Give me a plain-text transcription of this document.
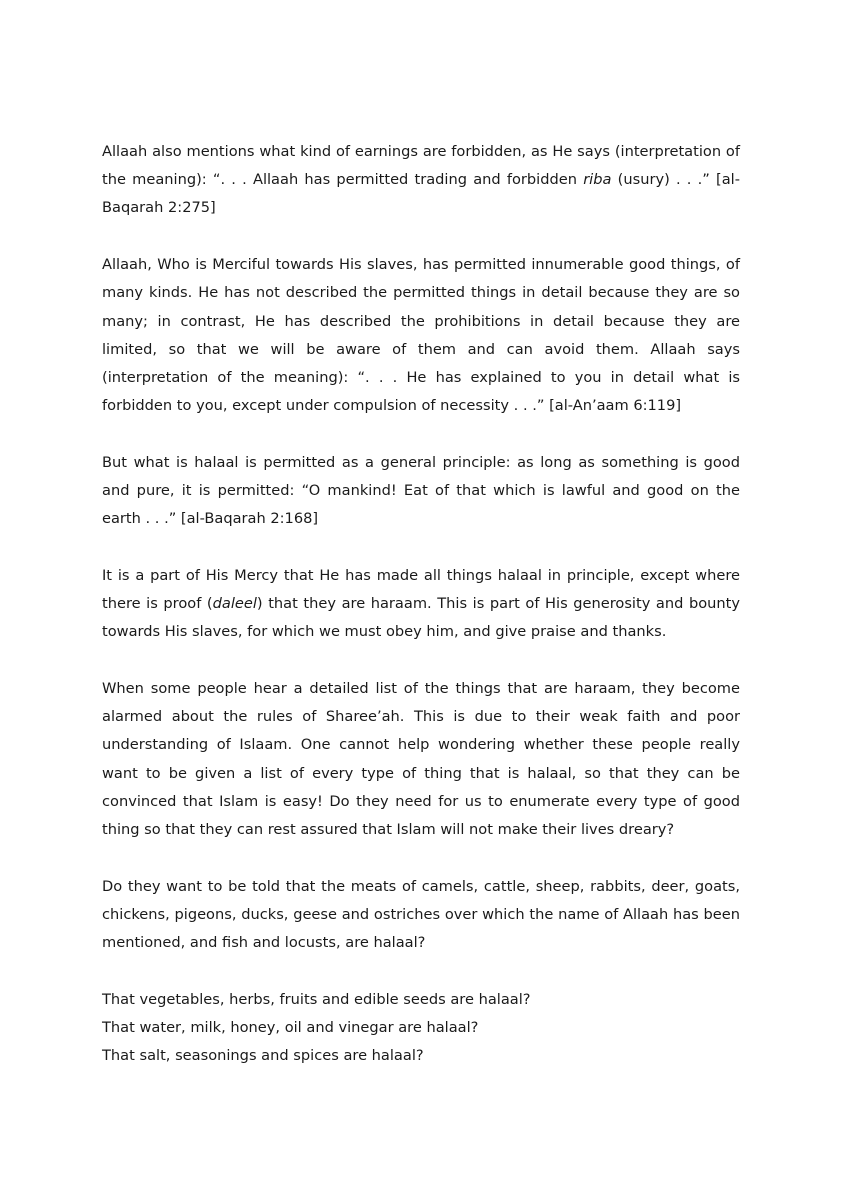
Allaah also mentions what kind of earnings are forbidden, as He says (interpretation of the meaning): “. . . Allaah has permitted trading and forbidden riba (usury) . . .” [al-Baqarah 2:275]

Allaah, Who is Merciful towards His slaves, has permitted innumerable good things, of many kinds. He has not described the permitted things in detail because they are so many; in contrast, He has described the prohibitions in detail because they are limited, so that we will be aware of them and can avoid them. Allaah says (interpretation of the meaning): “. . . He has explained to you in detail what is forbidden to you, except under compulsion of necessity . . .” [al-An’aam 6:119]

But what is halaal is permitted as a general principle: as long as something is good and pure, it is permitted: “O mankind! Eat of that which is lawful and good on the earth . . .” [al-Baqarah 2:168]

It is a part of His Mercy that He has made all things halaal in principle, except where there is proof (daleel) that they are haraam. This is part of His generosity and bounty towards His slaves, for which we must obey him, and give praise and thanks.

When some people hear a detailed list of the things that are haraam, they become alarmed about the rules of Sharee’ah. This is due to their weak faith and poor understanding of Islaam. One cannot help wondering whether these people really want to be given a list of every type of thing that is halaal, so that they can be convinced that Islam is easy! Do they need for us to enumerate every type of good thing so that they can rest assured that Islam will not make their lives dreary?

Do they want to be told that the meats of camels, cattle, sheep, rabbits, deer, goats, chickens, pigeons, ducks, geese and ostriches over which the name of Allaah has been mentioned, and fish and locusts, are halaal?

That vegetables, herbs, fruits and edible seeds are halaal?

That water, milk, honey, oil and vinegar are halaal?

That salt, seasonings and spices are halaal?
